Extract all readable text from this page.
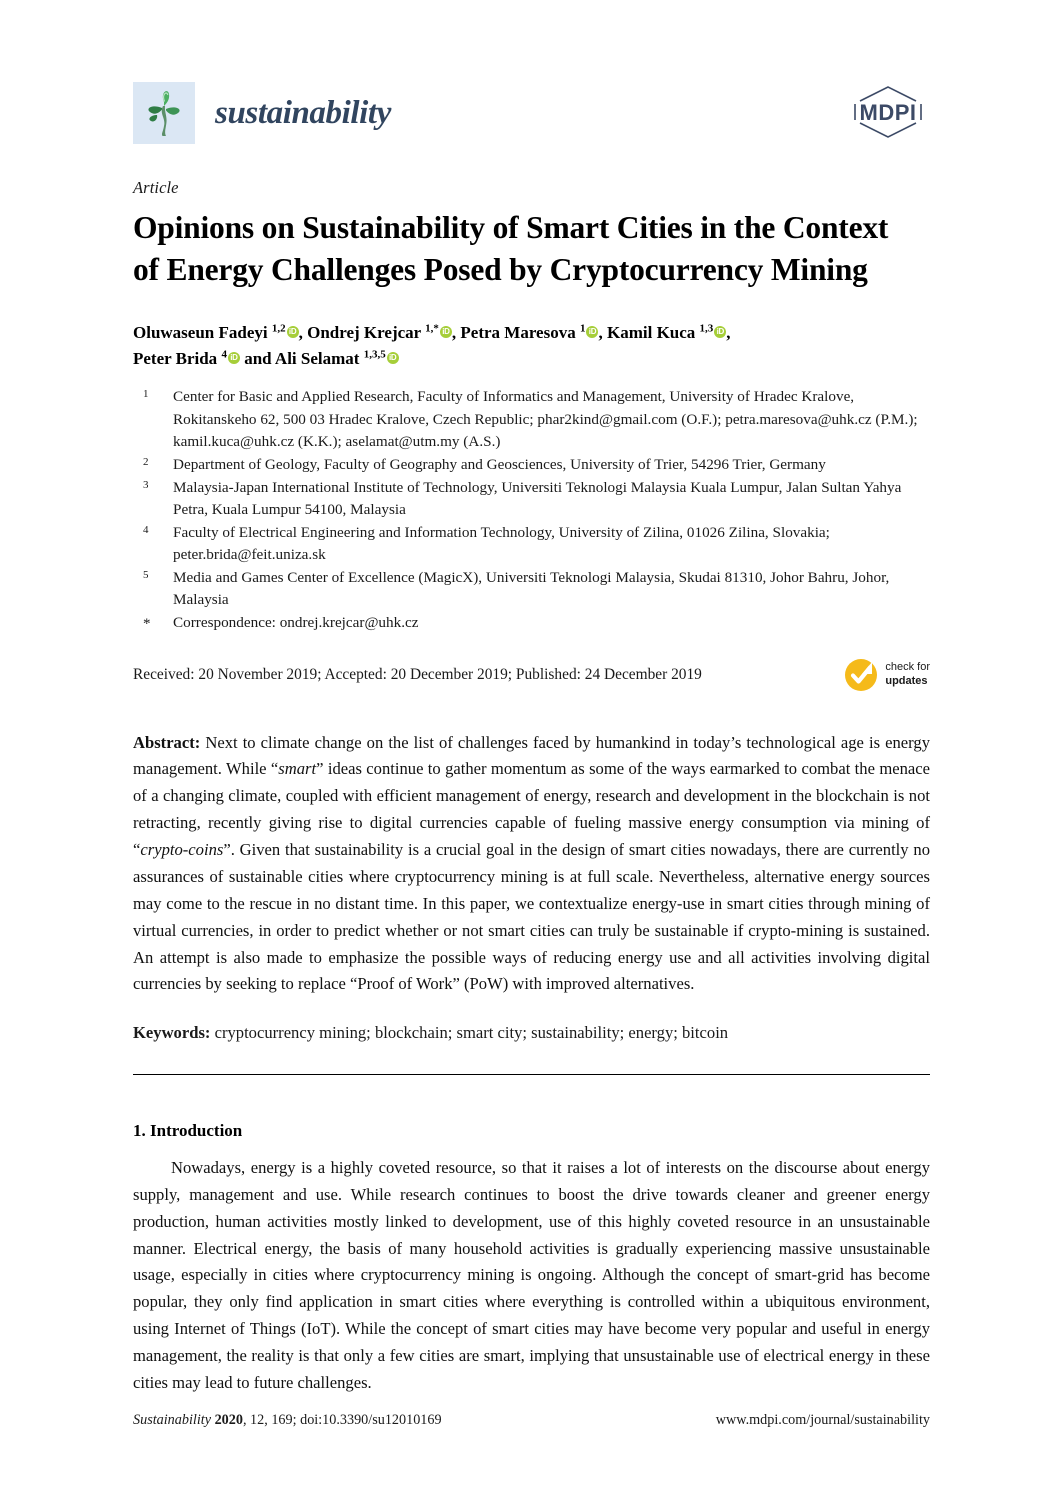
sustainability	MDPI
Article
Opinions on Sustainability of Smart Cities in the Context of Energy Challenges Posed by Cryptocurrency Mining
Oluwaseun Fadeyi $^{1,2}$ iD , Ondrej Krejcar $^{1,*}$ iD , Petra Maresova $^1$ iD , Kamil Kuca $^{1,3}$ iD ,
Peter Brida $^4$ iD and Ali Selamat $^{1,3,5}$ iD
1	Center for Basic and Applied Research, Faculty of Informatics and Management, University of Hradec Kralove, Rokitanskeho 62, 500 03 Hradec Kralove, Czech Republic; phar2kind@gmail.com (O.F.); petra.maresova@uhk.cz (P.M.); kamil.kuca@uhk.cz (K.K.); aselamat@utm.my (A.S.)
2	Department of Geology, Faculty of Geography and Geosciences, University of Trier, 54296 Trier, Germany
3	Malaysia-Japan International Institute of Technology, Universiti Teknologi Malaysia Kuala Lumpur, Jalan Sultan Yahya Petra, Kuala Lumpur 54100, Malaysia
4	Faculty of Electrical Engineering and Information Technology, University of Zilina, 01026 Zilina, Slovakia; peter.brida@feit.uniza.sk
5	Media and Games Center of Excellence (MagicX), Universiti Teknologi Malaysia, Skudai 81310, Johor Bahru, Johor, Malaysia
*	Correspondence: ondrej.krejcar@uhk.cz
Received: 20 November 2019; Accepted: 20 December 2019; Published: 24 December 2019	check for
updates
Abstract: Next to climate change on the list of challenges faced by humankind in today’s technological age is energy management. While “smart” ideas continue to gather momentum as some of the ways earmarked to combat the menace of a changing climate, coupled with efficient management of energy, research and development in the blockchain is not retracting, recently giving rise to digital currencies capable of fueling massive energy consumption via mining of “crypto-coins”. Given that sustainability is a crucial goal in the design of smart cities nowadays, there are currently no assurances of sustainable cities where cryptocurrency mining is at full scale. Nevertheless, alternative energy sources may come to the rescue in no distant time. In this paper, we contextualize energy-use in smart cities through mining of virtual currencies, in order to predict whether or not smart cities can truly be sustainable if crypto-mining is sustained. An attempt is also made to emphasize the possible ways of reducing energy use and all activities involving digital currencies by seeking to replace “Proof of Work” (PoW) with improved alternatives.
Keywords: cryptocurrency mining; blockchain; smart city; sustainability; energy; bitcoin
1. Introduction

Nowadays, energy is a highly coveted resource, so that it raises a lot of interests on the discourse about energy supply, management and use. While research continues to boost the drive towards cleaner and greener energy production, human activities mostly linked to development, use of this highly coveted resource in an unsustainable manner. Electrical energy, the basis of many household activities is gradually experiencing massive unsustainable usage, especially in cities where cryptocurrency mining is ongoing. Although the concept of smart-grid has become popular, they only find application in smart cities where everything is controlled within a ubiquitous environment, using Internet of Things (IoT). While the concept of smart cities may have become very popular and useful in energy management, the reality is that only a few cities are smart, implying that unsustainable use of electrical energy in these cities may lead to future challenges.

Sustainability 2020, 12, 169; doi:10.3390/su12010169	www.mdpi.com/journal/sustainability
